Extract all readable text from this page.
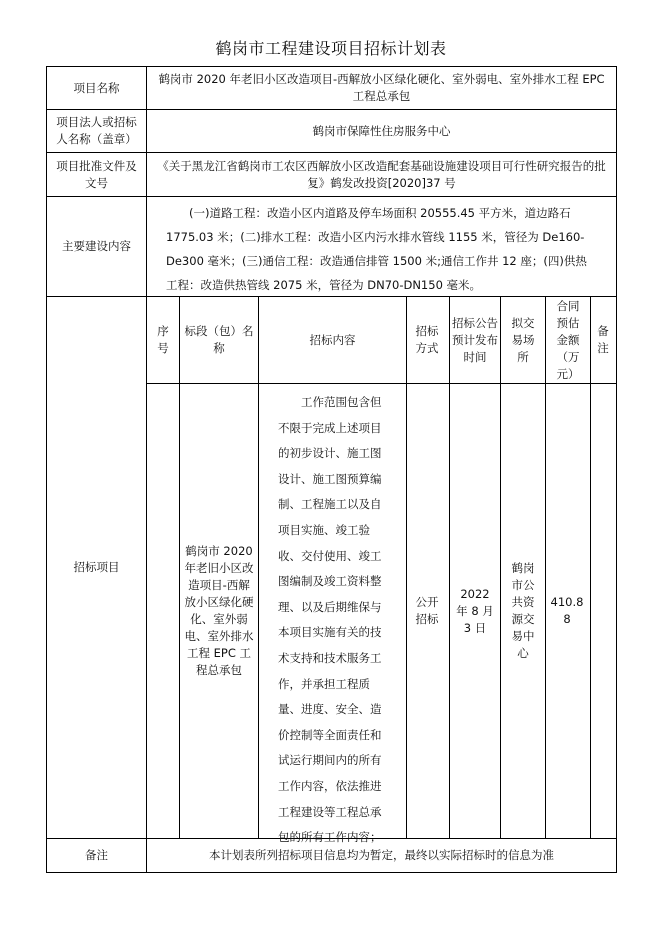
鹤岗市工程建设项目招标计划表
项目名称
鹤岗市 2020 年老旧小区改造项目-西解放小区绿化硬化、室外弱电、室外排水工程 EPC 工程总承包
项目法人或招标人名称（盖章）
鹤岗市保障性住房服务中心
项目批准文件及文号
《关于黑龙江省鹤岗市工农区西解放小区改造配套基础设施建设项目可行性研究报告的批复》鹤发改投资[2020]37 号
主要建设内容
(一)道路工程：改造小区内道路及停车场面积 20555.45 平方米，道边路石 1775.03 米；(二)排水工程：改造小区内污水排水管线 1155 米，管径为 De160-De300 毫米；(三)通信工程：改造通信排管 1500 米;通信工作井 12 座；(四)供热工程：改造供热管线 2075 米，管径为 DN70-DN150 毫米。
招标项目
序号
标段（包）名称
招标内容
招标方式
招标公告预计发布时间
拟交易场所
合同预估金额（万元）
备注
鹤岗市 2020 年老旧小区改造项目-西解放小区绿化硬化、室外弱电、室外排水工程 EPC 工程总承包
工作范围包含但不限于完成上述项目的初步设计、施工图设计、施工图预算编制、工程施工以及自项目实施、竣工验收、交付使用、竣工图编制及竣工资料整理、以及后期维保与本项目实施有关的技术支持和技术服务工作，并承担工程质量、进度、安全、造价控制等全面责任和试运行期间内的所有工作内容，依法推进工程建设等工程总承包的所有工作内容；
公开招标
2022 年 8 月 3 日
鹤岗市公共资源交易中心
410.88
备注	本计划表所列招标项目信息均为暂定，最终以实际招标时的信息为准
